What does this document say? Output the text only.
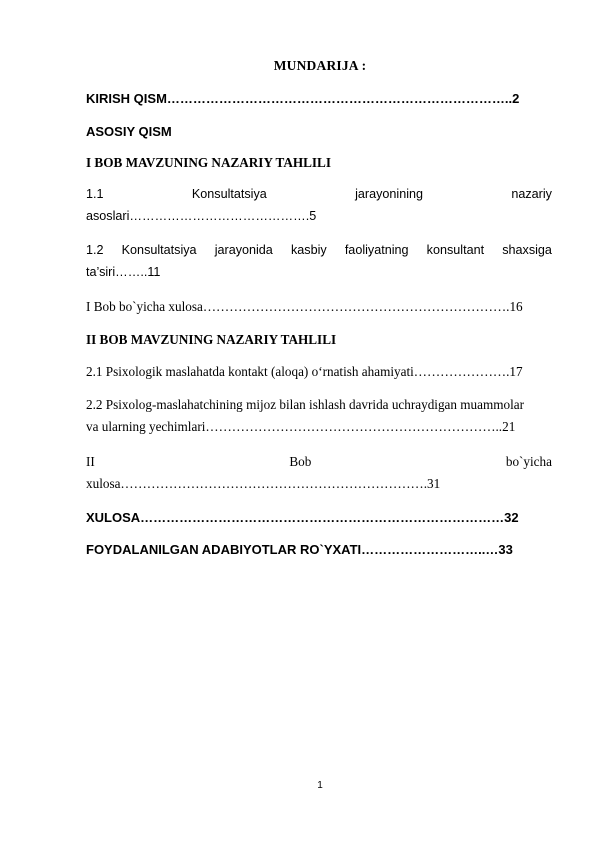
MUNDARIJA :
KIRISH QISM……………………………………………………………………..2
ASOSIY QISM
I BOB MAVZUNING NAZARIY TAHLILI
1.1	Konsultatsiya	jarayonining	nazariy
asoslari…………………………………….5
1.2 Konsultatsiya jarayonida kasbiy faoliyatning konsultant shaxsiga
ta’siri……..11
I Bob bo`yicha xulosa…………………………………………………………….16
II BOB MAVZUNING NAZARIY TAHLILI
2.1 Psixologik maslahatda kontakt (aloqa) o‘rnatish ahamiyati………………….17
2.2 Psixolog-maslahatchining mijoz bilan ishlash davrida uchraydigan muammolar
va ularning yechimlari…………………………………………………………..21
II	Bob	bo`yicha
xulosa…………………………………………………………….31
XULOSA…………………………………………………………………………32
FOYDALANILGAN ADABIYOTLAR RO`YXATI………………………..…33
1
